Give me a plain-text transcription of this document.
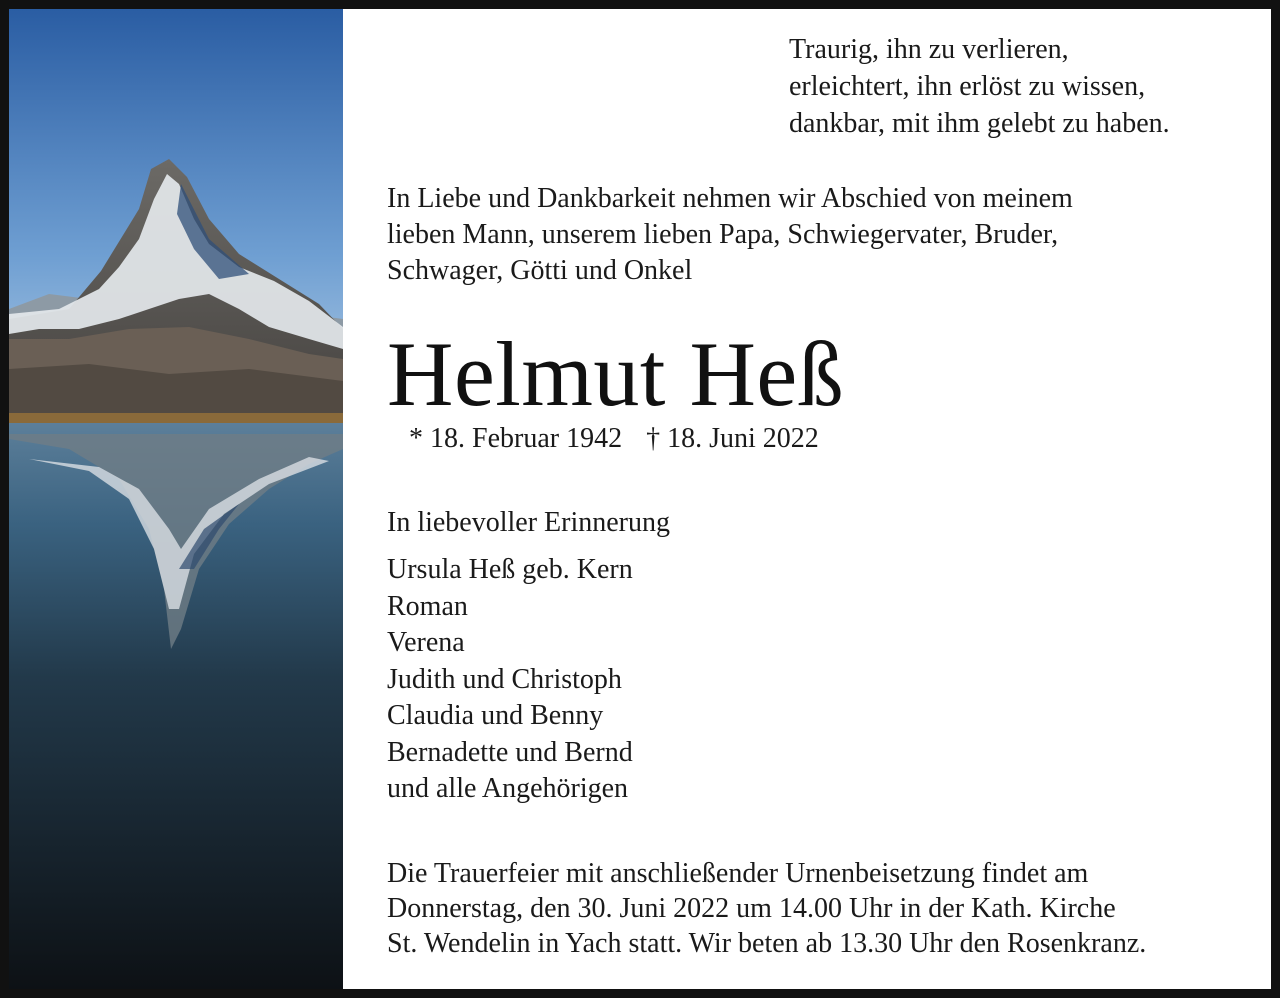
Traurig, ihn zu verlieren,
erleichtert, ihn erlöst zu wissen,
dankbar, mit ihm gelebt zu haben.
In Liebe und Dankbarkeit nehmen wir Abschied von meinem
lieben Mann, unserem lieben Papa, Schwiegervater, Bruder,
Schwager, Götti und Onkel
Helmut Heß
* 18. Februar 1942 † 18. Juni 2022
In liebevoller Erinnerung
Ursula Heß geb. Kern
Roman
Verena
Judith und Christoph
Claudia und Benny
Bernadette und Bernd
und alle Angehörigen
Die Trauerfeier mit anschließender Urnenbeisetzung findet am
Donnerstag, den 30. Juni 2022 um 14.00 Uhr in der Kath. Kirche
St. Wendelin in Yach statt. Wir beten ab 13.30 Uhr den Rosenkranz.
